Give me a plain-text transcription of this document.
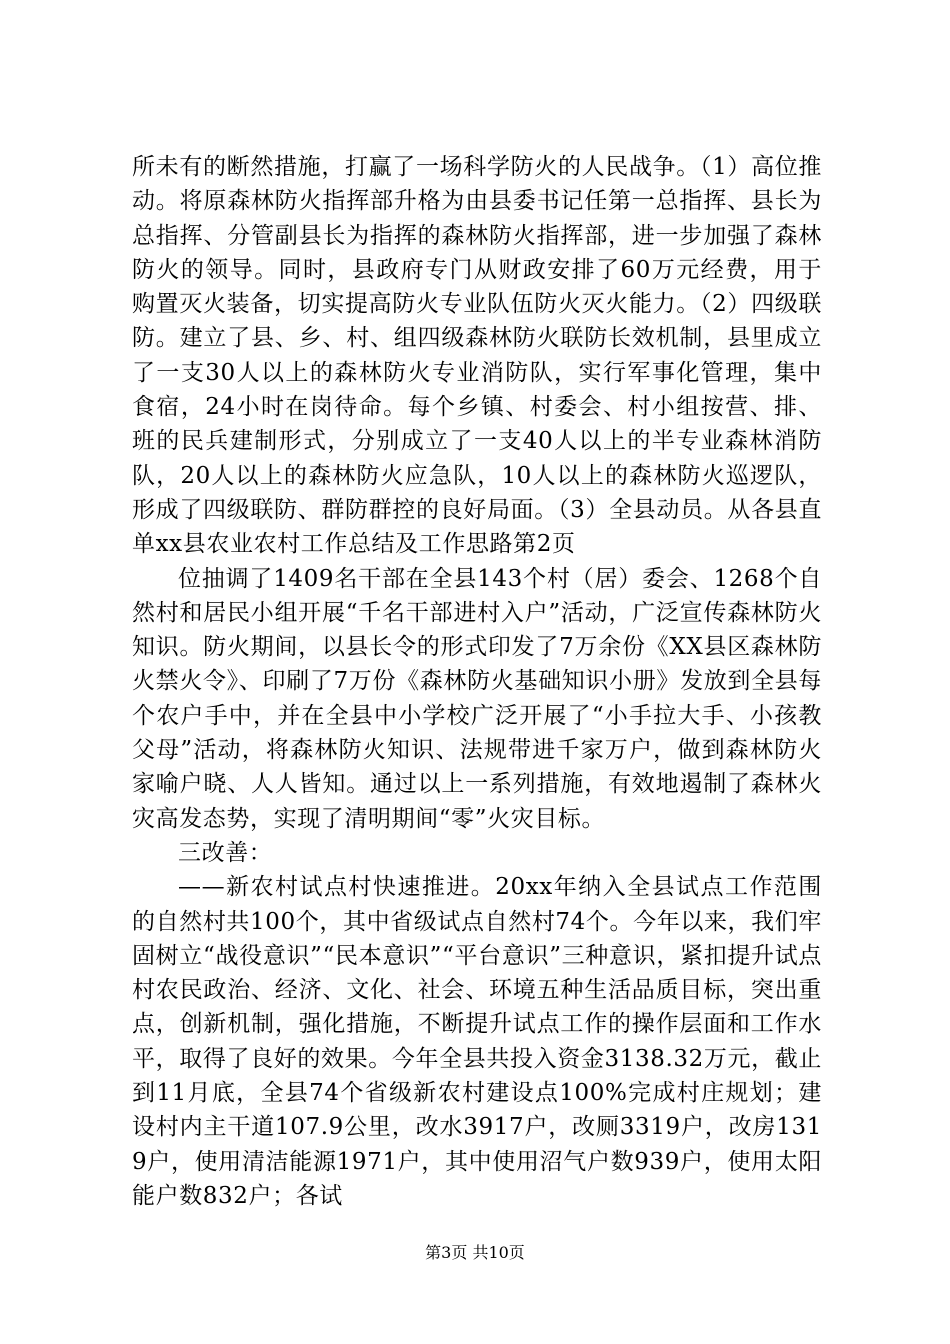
所未有的断然措施，打赢了一场科学防火的人民战争。（1）高位推动。将原森林防火指挥部升格为由县委书记任第一总指挥、县长为总指挥、分管副县长为指挥的森林防火指挥部，进一步加强了森林防火的领导。同时，县政府专门从财政安排了60万元经费，用于购置灭火装备，切实提高防火专业队伍防火灭火能力。（2）四级联防。建立了县、乡、村、组四级森林防火联防长效机制，县里成立了一支30人以上的森林防火专业消防队，实行军事化管理，集中食宿，24小时在岗待命。每个乡镇、村委会、村小组按营、排、班的民兵建制形式，分别成立了一支40人以上的半专业森林消防队，20人以上的森林防火应急队，10人以上的森林防火巡逻队，形成了四级联防、群防群控的良好局面。（3）全县动员。从各县直单xx县农业农村工作总结及工作思路第2页

位抽调了1409名干部在全县143个村（居）委会、1268个自然村和居民小组开展“千名干部进村入户”活动，广泛宣传森林防火知识。防火期间，以县长令的形式印发了7万余份《XX县区森林防火禁火令》、印刷了7万份《森林防火基础知识小册》发放到全县每个农户手中，并在全县中小学校广泛开展了“小手拉大手、小孩教父母”活动，将森林防火知识、法规带进千家万户，做到森林防火家喻户晓、人人皆知。通过以上一系列措施，有效地遏制了森林火灾高发态势，实现了清明期间“零”火灾目标。

三改善：

——新农村试点村快速推进。20xx年纳入全县试点工作范围的自然村共100个，其中省级试点自然村74个。今年以来，我们牢固树立“战役意识”“民本意识”“平台意识”三种意识，紧扣提升试点村农民政治、经济、文化、社会、环境五种生活品质目标，突出重点，创新机制，强化措施，不断提升试点工作的操作层面和工作水平，取得了良好的效果。今年全县共投入资金3138.32万元，截止到11月底，全县74个省级新农村建设点100%完成村庄规划；建设村内主干道107.9公里，改水3917户，改厕3319户，改房1319户，使用清洁能源1971户，其中使用沼气户数939户，使用太阳能户数832户；各试

第3页 共10页
